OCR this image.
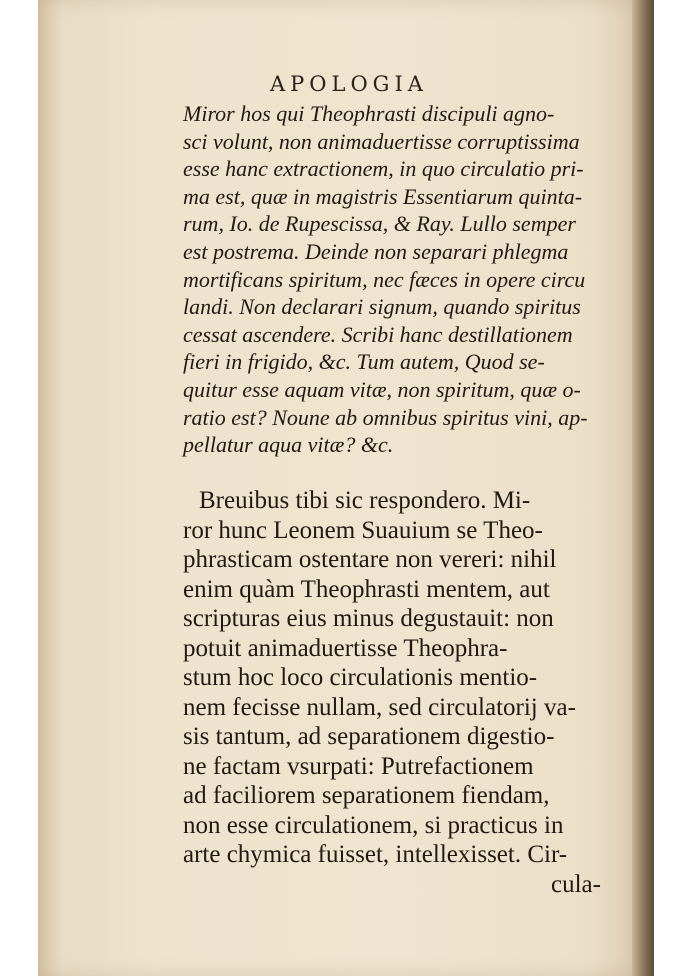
APOLOGIA
Miror hos qui Theophrasti discipuli agno-
sci volunt, non animaduertisse corruptissima
esse hanc extractionem, in quo circulatio pri-
ma est, quæ in magistris Essentiarum quinta-
rum, Io. de Rupescissa, & Ray. Lullo semper
est postrema. Deinde non separari phlegma
mortificans spiritum, nec fæces in opere circu
landi. Non declarari signum, quando spiritus
cessat ascendere. Scribi hanc destillationem
fieri in frigido, &c. Tum autem, Quod se-
quitur esse aquam vitæ, non spiritum, quæ o-
ratio est? Noune ab omnibus spiritus vini, ap-
pellatur aqua vitæ? &c.
Breuibus tibi sic respondero. Mi-
ror hunc Leonem Suauium se Theo-
phrasticam ostentare non vereri: nihil
enim quàm Theophrasti mentem, aut
scripturas eius minus degustauit: non
potuit animaduertisse Theophra-
stum hoc loco circulationis mentio-
nem fecisse nullam, sed circulatorij va-
sis tantum, ad separationem digestio-
ne factam vsurpati: Putrefactionem
ad faciliorem separationem fiendam,
non esse circulationem, si practicus in
arte chymica fuisset, intellexisset. Cir-
cula-
